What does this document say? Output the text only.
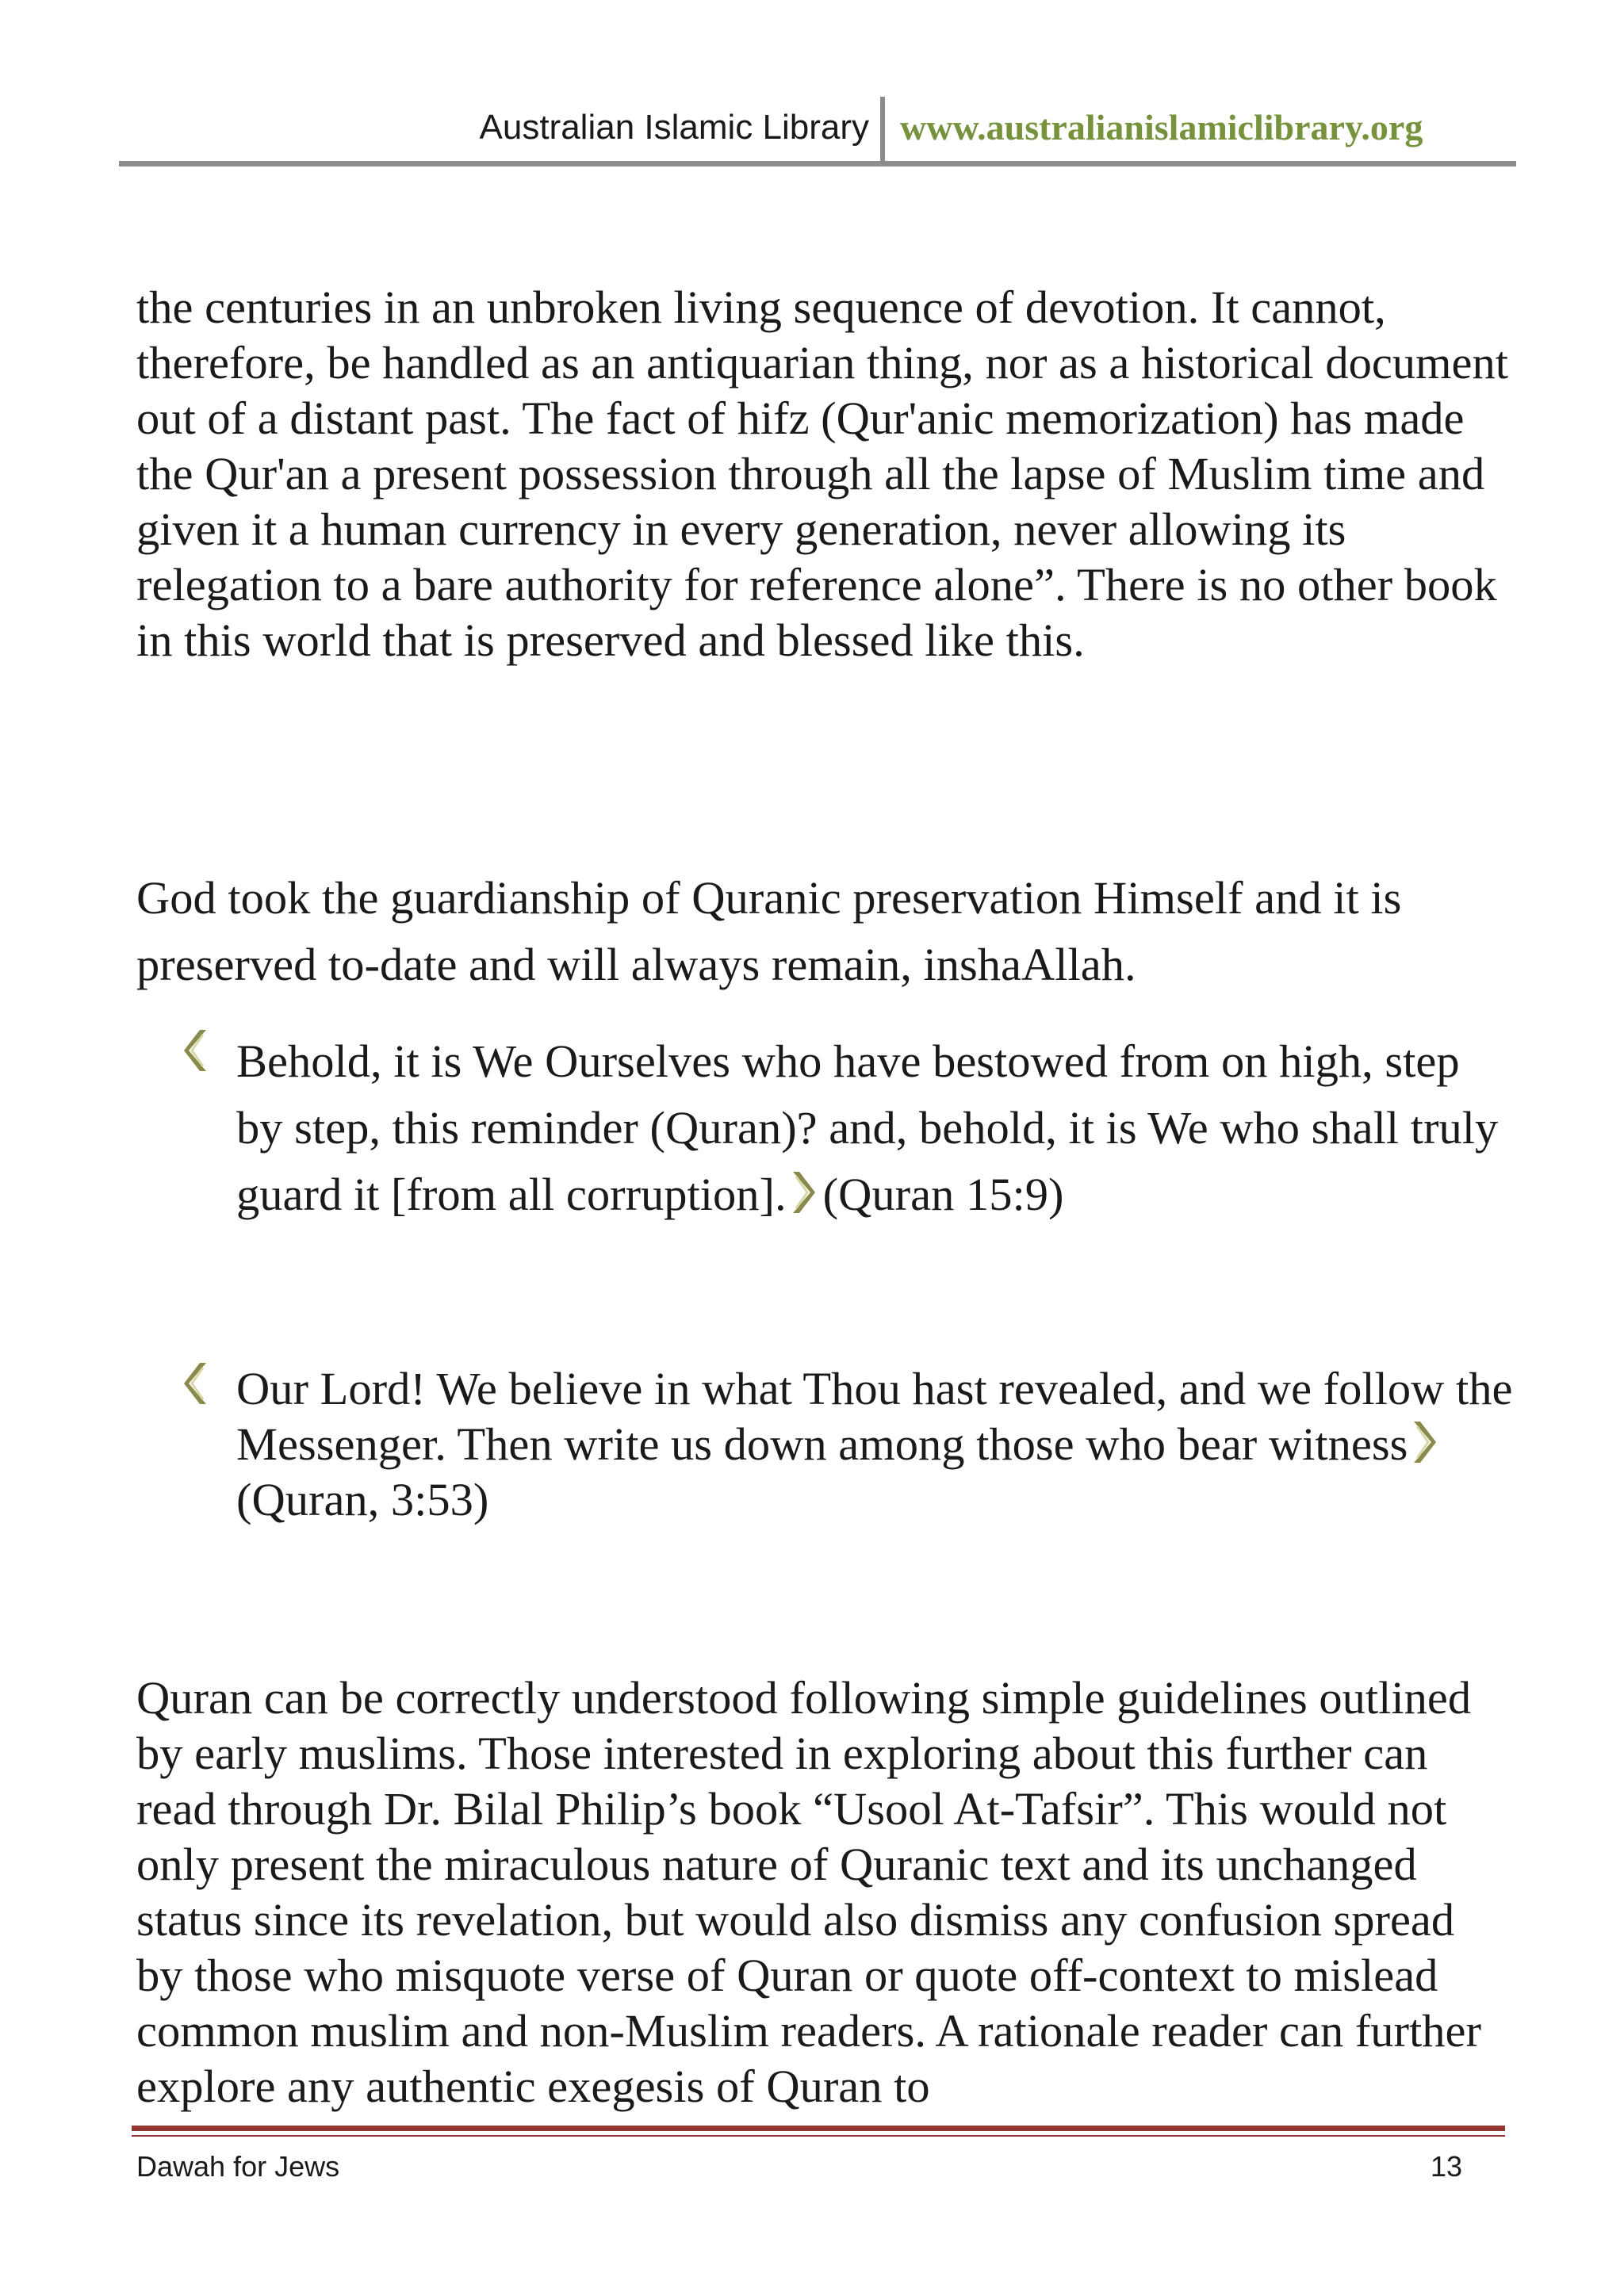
Australian Islamic Library www.australianislamiclibrary.org

the centuries in an unbroken living sequence of devotion. It cannot, therefore, be handled as an antiquarian thing, nor as a historical document out of a distant past. The fact of hifz (Qur'anic memorization) has made the Qur'an a present possession through all the lapse of Muslim time and given it a human currency in every generation, never allowing its relegation to a bare authority for reference alone”. There is no other book in this world that is preserved and blessed like this.

God took the guardianship of Quranic preservation Himself and it is preserved to-date and will always remain, inshaAllah.

Behold, it is We Ourselves who have bestowed from on high, step by step, this reminder (Quran)? and, behold, it is We who shall truly guard it [from all corruption]. (Quran 15:9)

Our Lord! We believe in what Thou hast revealed, and we follow the Messenger. Then write us down among those who bear witness(Quran, 3:53)

Quran can be correctly understood following simple guidelines outlined by early muslims. Those interested in exploring about this further can read through Dr. Bilal Philip’s book “Usool At-Tafsir”. This would not only present the miraculous nature of Quranic text and its unchanged status since its revelation, but would also dismiss any confusion spread by those who misquote verse of Quran or quote off-context to mislead common muslim and non-Muslim readers. A rationale reader can further explore any authentic exegesis of Quran to

Dawah for Jews	13
